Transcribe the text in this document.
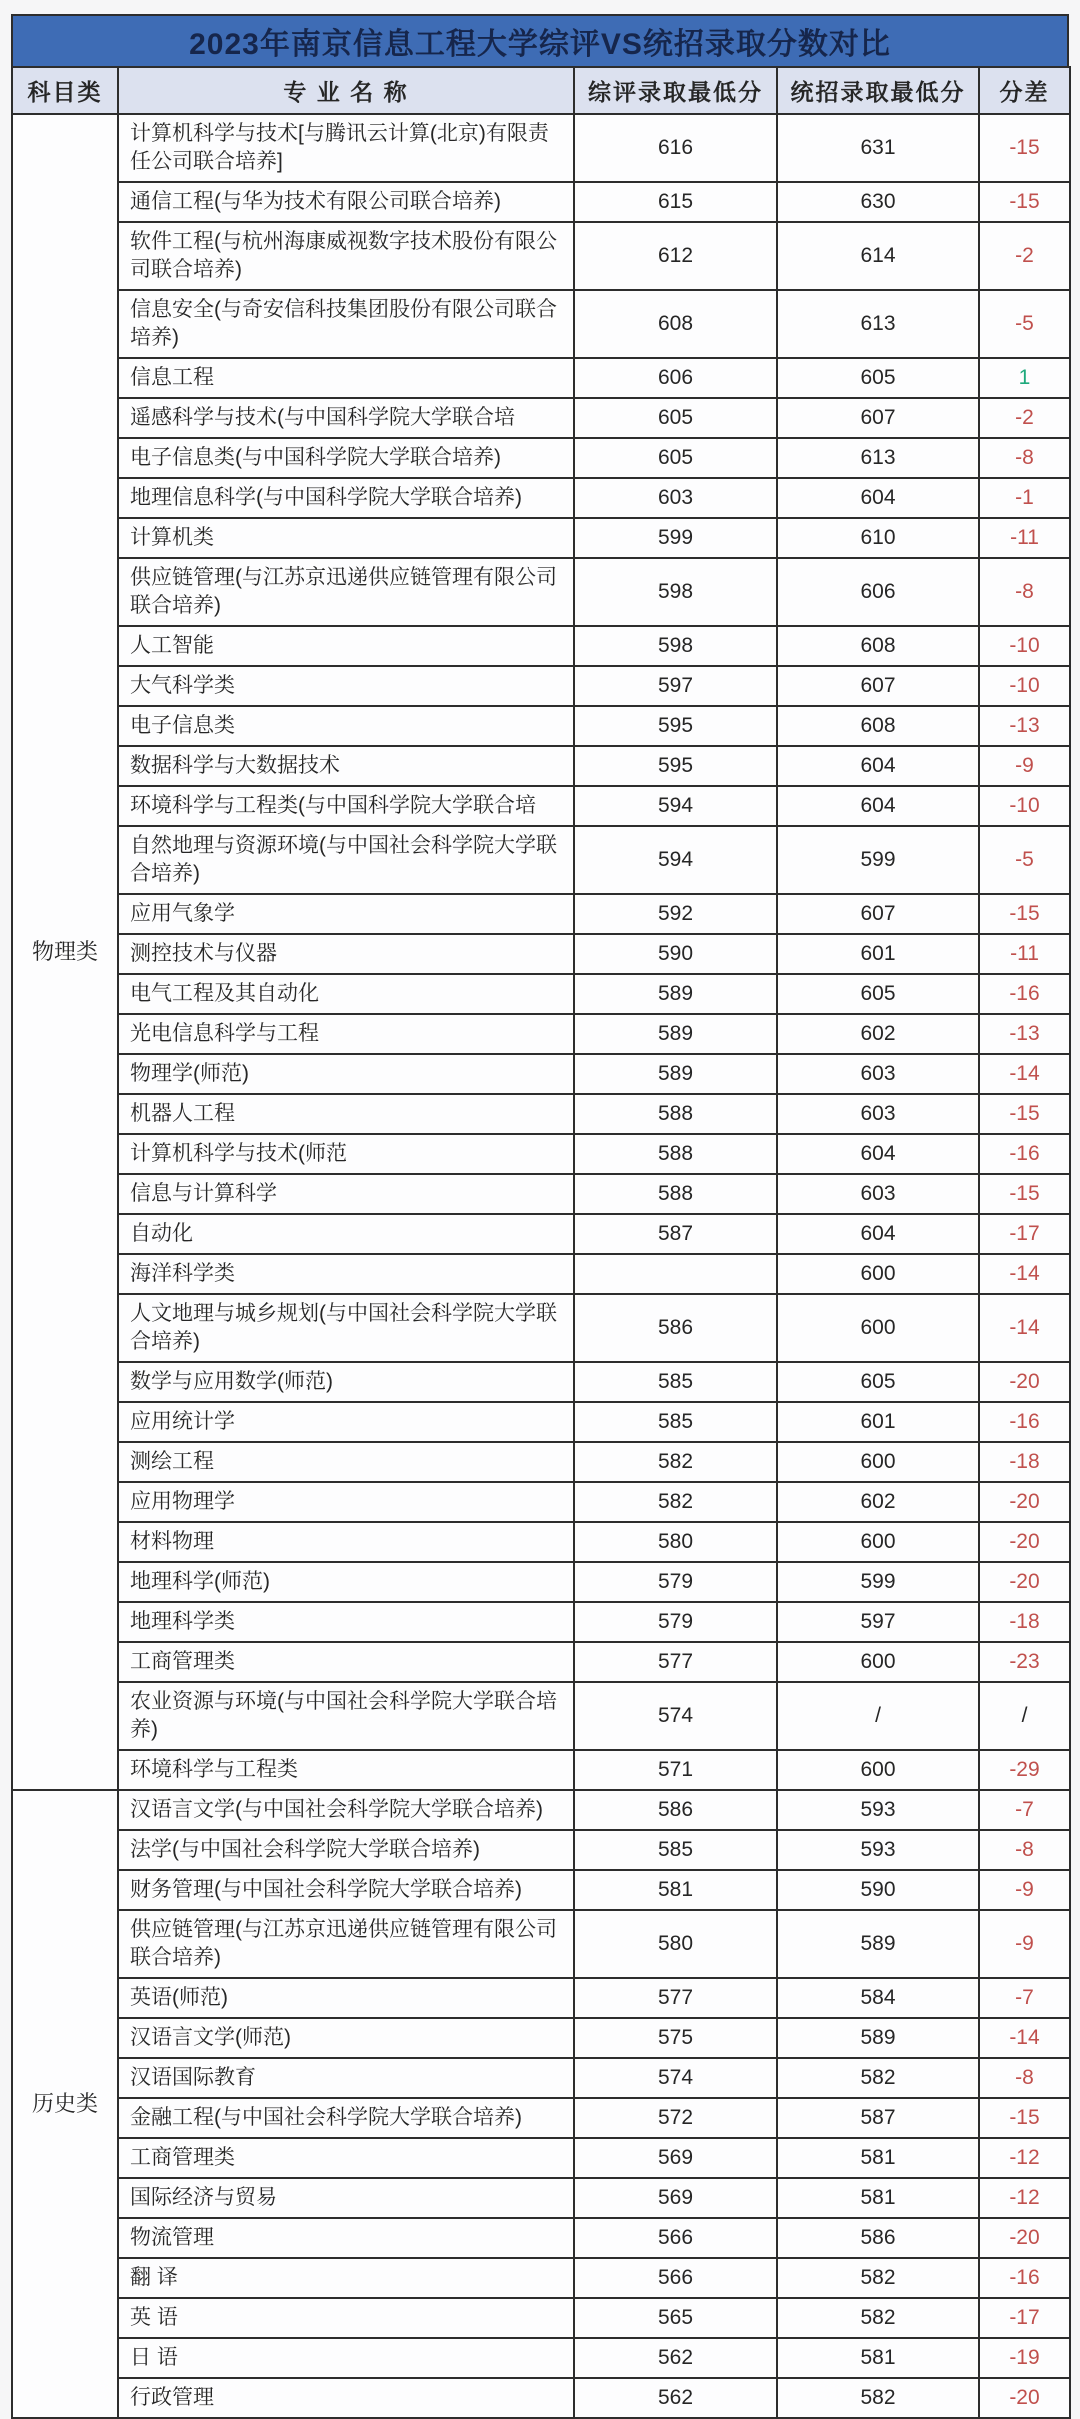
2023年南京信息工程大学综评VS统招录取分数对比
科目类	专 业 名 称	综评录取最低分	统招录取最低分	分差
物理类	计算机科学与技术[与腾讯云计算(北京)有限责任公司联合培养]	616	631	-15
	通信工程(与华为技术有限公司联合培养)	615	630	-15
	软件工程(与杭州海康威视数字技术股份有限公司联合培养)	612	614	-2
	信息安全(与奇安信科技集团股份有限公司联合培养)	608	613	-5
	信息工程	606	605	1
	遥感科学与技术(与中国科学院大学联合培	605	607	-2
	电子信息类(与中国科学院大学联合培养)	605	613	-8
	地理信息科学(与中国科学院大学联合培养)	603	604	-1
	计算机类	599	610	-11
	供应链管理(与江苏京迅递供应链管理有限公司联合培养)	598	606	-8
	人工智能	598	608	-10
	大气科学类	597	607	-10
	电子信息类	595	608	-13
	数据科学与大数据技术	595	604	-9
	环境科学与工程类(与中国科学院大学联合培	594	604	-10
	自然地理与资源环境(与中国社会科学院大学联合培养)	594	599	-5
	应用气象学	592	607	-15
	测控技术与仪器	590	601	-11
	电气工程及其自动化	589	605	-16
	光电信息科学与工程	589	602	-13
	物理学(师范)	589	603	-14
	机器人工程	588	603	-15
	计算机科学与技术(师范	588	604	-16
	信息与计算科学	588	603	-15
	自动化	587	604	-17
	海洋科学类		600	-14
	人文地理与城乡规划(与中国社会科学院大学联合培养)	586	600	-14
	数学与应用数学(师范)	585	605	-20
	应用统计学	585	601	-16
	测绘工程	582	600	-18
	应用物理学	582	602	-20
	材料物理	580	600	-20
	地理科学(师范)	579	599	-20
	地理科学类	579	597	-18
	工商管理类	577	600	-23
	农业资源与环境(与中国社会科学院大学联合培养)	574	/	/
	环境科学与工程类	571	600	-29
历史类	汉语言文学(与中国社会科学院大学联合培养)	586	593	-7
	法学(与中国社会科学院大学联合培养)	585	593	-8
	财务管理(与中国社会科学院大学联合培养)	581	590	-9
	供应链管理(与江苏京迅递供应链管理有限公司联合培养)	580	589	-9
	英语(师范)	577	584	-7
	汉语言文学(师范)	575	589	-14
	汉语国际教育	574	582	-8
	金融工程(与中国社会科学院大学联合培养)	572	587	-15
	工商管理类	569	581	-12
	国际经济与贸易	569	581	-12
	物流管理	566	586	-20
	翻 译	566	582	-16
	英 语	565	582	-17
	日 语	562	581	-19
	行政管理	562	582	-20
